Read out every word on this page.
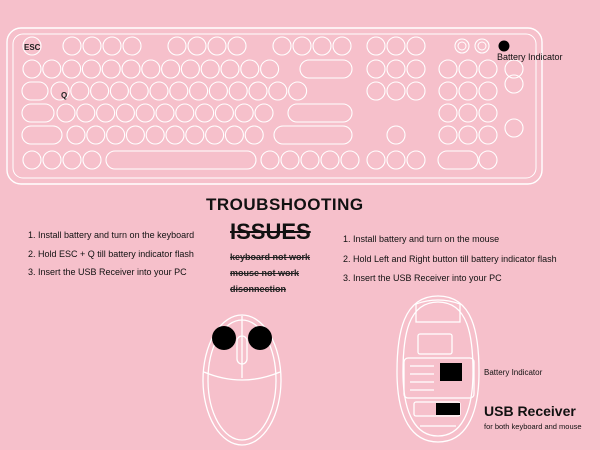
ESC
Q
Battery Indicator
TROUBSHOOTING
ISSUES
keyboard not work
mouse not work
disonnection
1. Install battery and turn on the keyboard
2. Hold ESC + Q till battery indicator flash
3. Insert the USB Receiver into your PC
1. Install battery and turn on the mouse
2. Hold Left and Right button till battery indicator flash
3. Insert the USB Receiver into your PC
Battery Indicator
USB Receiver
for both keyboard and mouse
